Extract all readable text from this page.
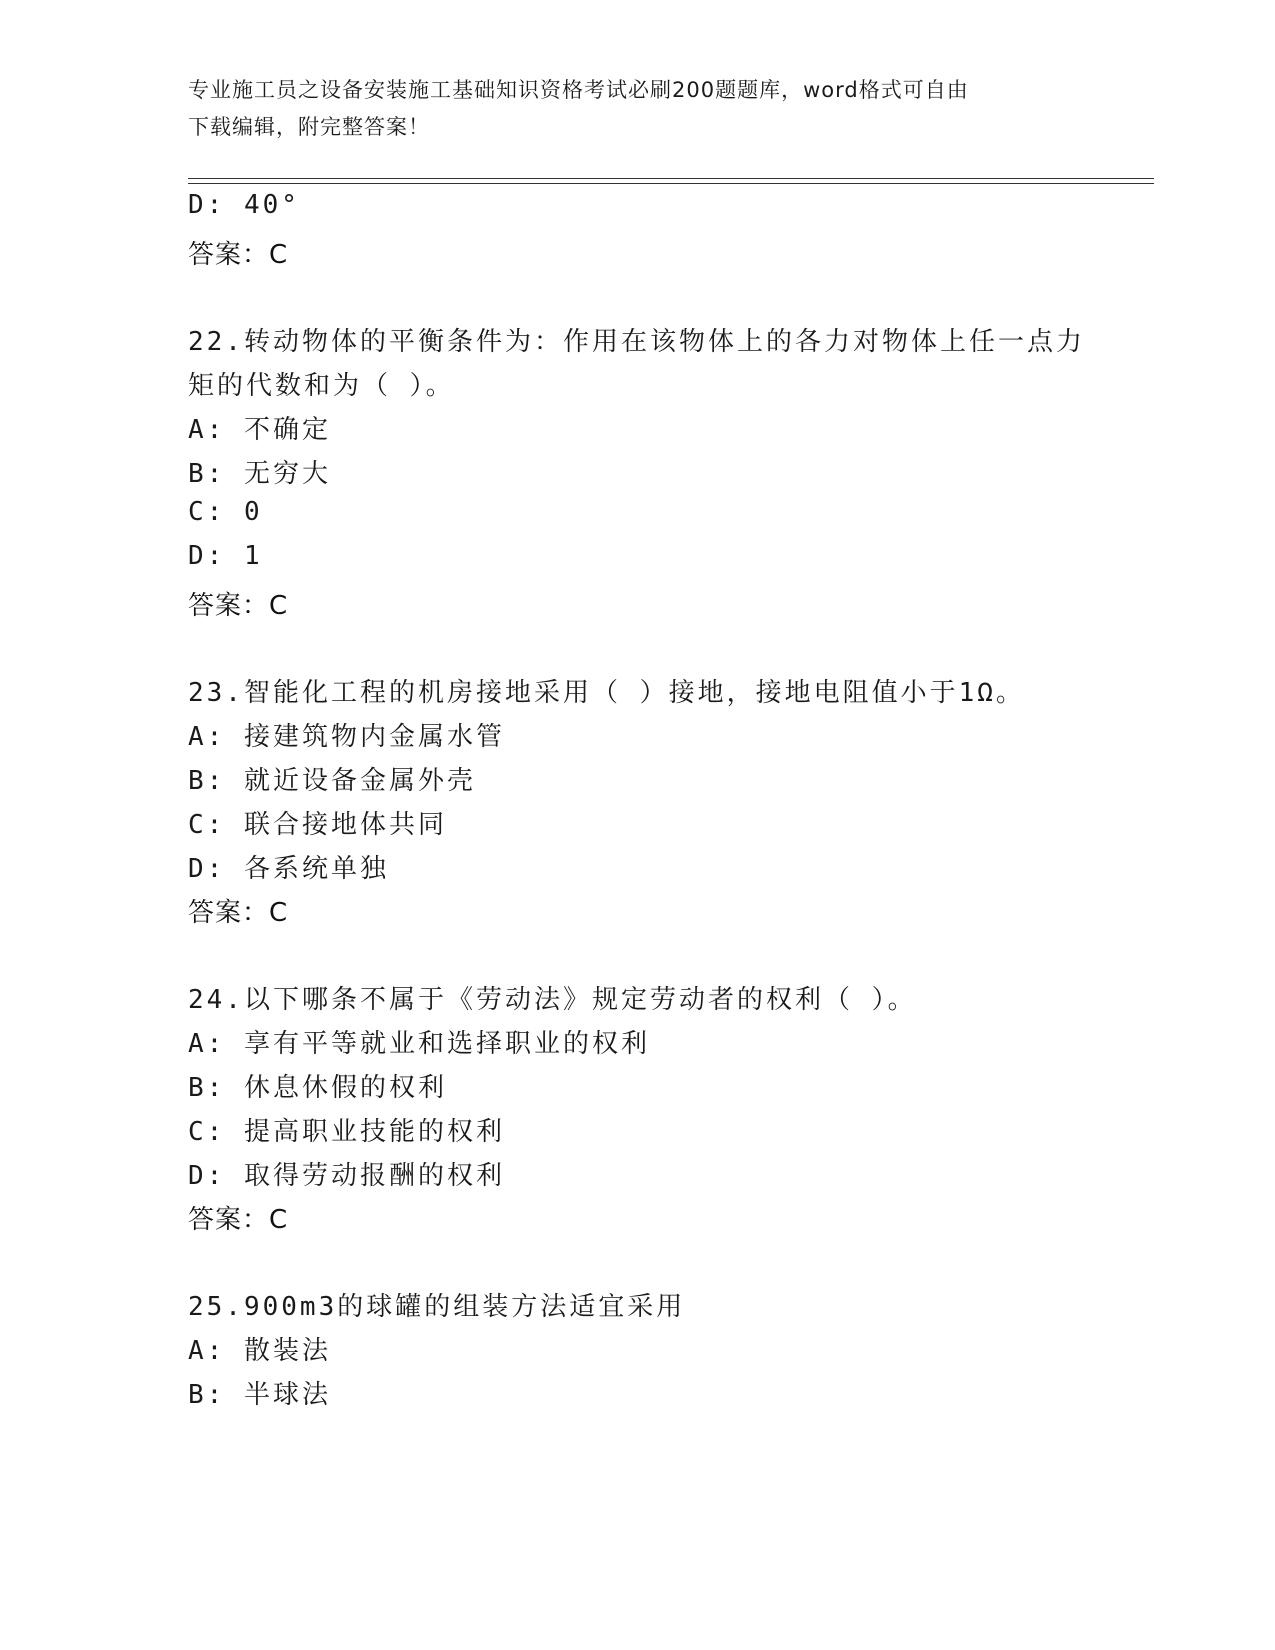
专业施工员之设备安装施工基础知识资格考试必刷200题题库，word格式可自由
下载编辑，附完整答案！
D: 40°
答案：C
22.转动物体的平衡条件为：作用在该物体上的各力对物体上任一点力
矩的代数和为（ ）。
A: 不确定
B: 无穷大
C: 0
D: 1
答案：C
23.智能化工程的机房接地采用（ ）接地，接地电阻值小于1Ω。
A: 接建筑物内金属水管
B: 就近设备金属外壳
C: 联合接地体共同
D: 各系统单独
答案：C
24.以下哪条不属于《劳动法》规定劳动者的权利（ ）。
A: 享有平等就业和选择职业的权利
B: 休息休假的权利
C: 提高职业技能的权利
D: 取得劳动报酬的权利
答案：C
25.900m3的球罐的组装方法适宜采用
A: 散装法
B: 半球法
